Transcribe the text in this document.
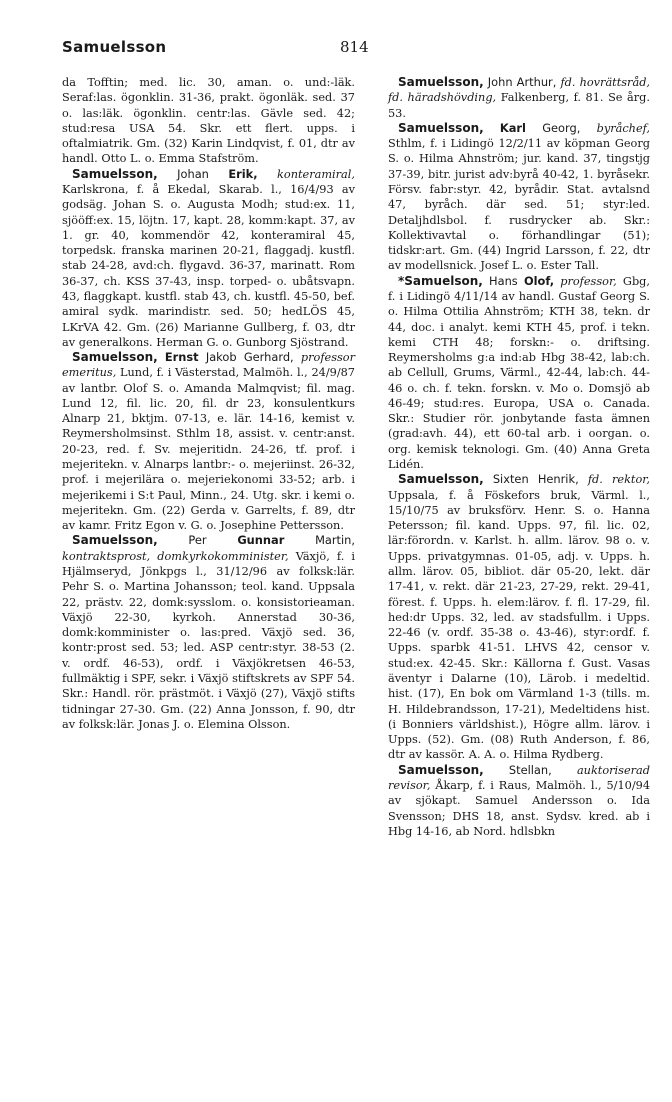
Samuelsson	814

da Tofftin; med. lic. 30, aman. o. und:-läk. Seraf:las. ögonklin. 31-36, prakt. ögonläk. sed. 37 o. las:läk. ögonklin. centr:las. Gävle sed. 42; stud:resa USA 54. Skr. ett flert. upps. i oftalmiatrik. Gm. (32) Karin Lindqvist, f. 01, dtr av handl. Otto L. o. Emma Stafström.

Samuelsson, Johan Erik, konteramiral, Karlskrona, f. å Ekedal, Skarab. l., 16/4/93 av godsäg. Johan S. o. Augusta Modh; stud:ex. 11, sjööff:ex. 15, löjtn. 17, kapt. 28, komm:kapt. 37, av 1. gr. 40, kommendör 42, konteramiral 45, torpedsk. franska marinen 20-21, flaggadj. kustfl. stab 24-28, avd:ch. flygavd. 36-37, marinatt. Rom 36-37, ch. KSS 37-43, insp. torped- o. ubåtsvapn. 43, flaggkapt. kustfl. stab 43, ch. kustfl. 45-50, bef. amiral sydk. marindistr. sed. 50; hedLÖS 45, LKrVA 42. Gm. (26) Marianne Gullberg, f. 03, dtr av generalkons. Herman G. o. Gunborg Sjöstrand.

Samuelsson, Ernst Jakob Gerhard, professor emeritus, Lund, f. i Västerstad, Malmöh. l., 24/9/87 av lantbr. Olof S. o. Amanda Malmqvist; fil. mag. Lund 12, fil. lic. 20, fil. dr 23, konsulentkurs Alnarp 21, bktjm. 07-13, e. lär. 14-16, kemist v. Reymersholmsinst. Sthlm 18, assist. v. centr:anst. 20-23, red. f. Sv. mejeritidn. 24-26, tf. prof. i mejeritekn. v. Alnarps lantbr:- o. mejeriinst. 26-32, prof. i mejerilära o. mejeriekonomi 33-52; arb. i mejerikemi i S:t Paul, Minn., 24. Utg. skr. i kemi o. mejeritekn. Gm. (22) Gerda v. Garrelts, f. 89, dtr av kamr. Fritz Egon v. G. o. Josephine Pettersson.

Samuelsson,	Per	Gunnar	Martin, kontraktsprost, domkyrkokomminister, Växjö, f. i Hjälmseryd, Jönkpgs l., 31/12/96 av folksk:lär. Pehr S. o. Martina Johansson; teol. kand. Uppsala 22, prästv. 22, domk:sysslom. o. konsistorieaman. Växjö 22-30, kyrkoh. Annerstad 30-36, domk:komminister o. las:pred. Växjö sed. 36, kontr:prost sed. 53; led. ASP centr:styr. 38-53 (2. v. ordf. 46-53), ordf. i Växjökretsen 46-53, fullmäktig i SPF, sekr. i Växjö stiftskrets av SPF 54. Skr.: Handl. rör. prästmöt. i Växjö (27), Växjö stifts tidningar 27-30. Gm. (22) Anna Jonsson, f. 90, dtr av folksk:lär. Jonas J. o. Elemina Olsson.

Samuelsson, John Arthur, fd. hovrättsråd, fd. häradshövding, Falkenberg, f. 81. Se årg. 53.

Samuelsson, Karl Georg, byråchef, Sthlm, f. i Lidingö 12/2/11 av köpman Georg S. o. Hilma Ahnström; jur. kand. 37, tingstjg 37-39, bitr. jurist adv:byrå 40-42, 1. byråsekr. Försv. fabr:styr. 42, byrådir. Stat. avtalsnd 47, byråch. där sed. 51; styr:led. Detaljhdlsbol. f. rusdrycker ab. Skr.: Kollektivavtal o. förhandlingar (51); tidskr:art. Gm. (44) Ingrid Larsson, f. 22, dtr av modellsnick. Josef L. o. Ester Tall.

*Samuelson, Hans Olof, professor, Gbg, f. i Lidingö 4/11/14 av handl. Gustaf Georg S. o. Hilma Ottilia Ahnström; KTH 38, tekn. dr 44, doc. i analyt. kemi KTH 45, prof. i tekn. kemi CTH 48; forskn:- o. driftsing. Reymersholms g:a ind:ab Hbg 38-42, lab:ch. ab Cellull, Grums, Värml., 42-44, lab:ch. 44-46 o. ch. f. tekn. forskn. v. Mo o. Domsjö ab 46-49; stud:res. Europa, USA o. Canada. Skr.: Studier rör. jonbytande fasta ämnen (grad:avh. 44), ett 60-tal arb. i oorgan. o. org. kemisk teknologi. Gm. (40) Anna Greta Lidén.

Samuelsson, Sixten Henrik, fd. rektor, Uppsala, f. å Föskefors bruk, Värml. l., 15/10/75 av bruksförv. Henr. S. o. Hanna Petersson; fil. kand. Upps. 97, fil. lic. 02, lär:förordn. v. Karlst. h. allm. lärov. 98 o. v. Upps. privatgymnas. 01-05, adj. v. Upps. h. allm. lärov. 05, bibliot. där 05-20, lekt. där 17-41, v. rekt. där 21-23, 27-29, rekt. 29-41, förest. f. Upps. h. elem:lärov. f. fl. 17-29, fil. hed:dr Upps. 32, led. av stadsfullm. i Upps. 22-46 (v. ordf. 35-38 o. 43-46), styr:ordf. f. Upps. sparbk 41-51. LHVS 42, censor v. stud:ex. 42-45. Skr.: Källorna f. Gust. Vasas äventyr i Dalarne (10), Lärob. i medeltid. hist. (17), En bok om Värmland 1-3 (tills. m. H. Hildebrandsson, 17-21), Medeltidens hist. (i Bonniers världshist.), Högre allm. lärov. i Upps. (52). Gm. (08) Ruth Anderson, f. 86, dtr av kassör. A. A. o. Hilma Rydberg.

Samuelsson, Stellan, auktoriserad revisor, Åkarp, f. i Raus, Malmöh. l., 5/10/94 av sjökapt. Samuel Andersson o. Ida Svensson; DHS 18, anst. Sydsv. kred. ab i Hbg 14-16, ab Nord. hdlsbkn
